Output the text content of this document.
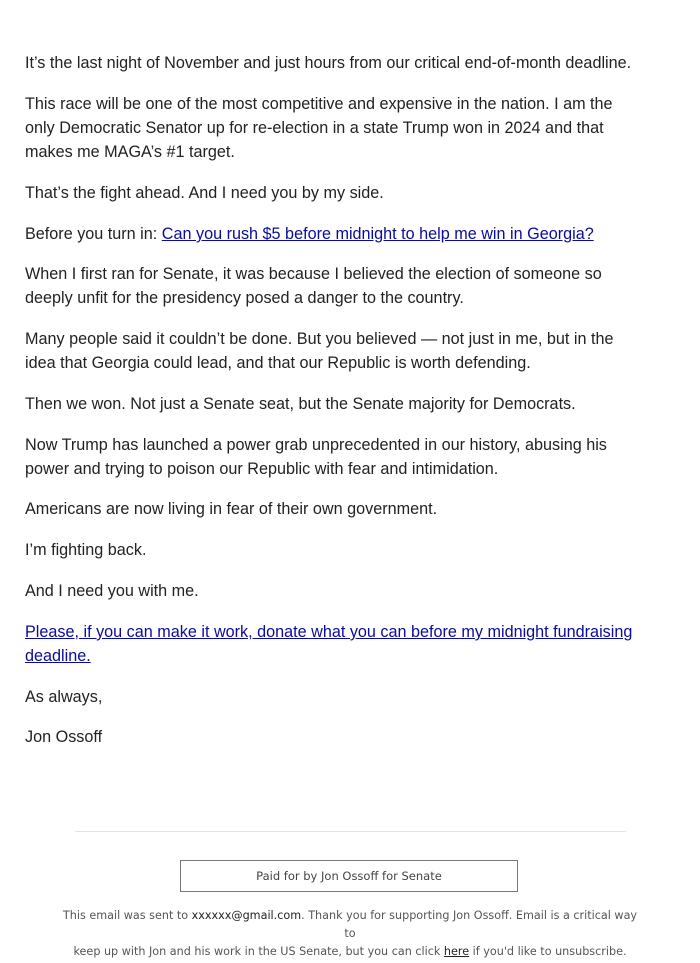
It’s the last night of November and just hours from our critical end-of-month deadline.
This race will be one of the most competitive and expensive in the nation. I am the
only Democratic Senator up for re-election in a state Trump won in 2024 and that
makes me MAGA’s #1 target.
That’s the fight ahead. And I need you by my side.
Before you turn in: Can you rush $5 before midnight to help me win in Georgia?
When I first ran for Senate, it was because I believed the election of someone so
deeply unfit for the presidency posed a danger to the country.
Many people said it couldn’t be done. But you believed — not just in me, but in the
idea that Georgia could lead, and that our Republic is worth defending.
Then we won. Not just a Senate seat, but the Senate majority for Democrats.
Now Trump has launched a power grab unprecedented in our history, abusing his
power and trying to poison our Republic with fear and intimidation.
Americans are now living in fear of their own government.
I’m fighting back.
And I need you with me.
Please, if you can make it work, donate what you can before my midnight fundraising
deadline.
As always,
Jon Ossoff
Paid for by Jon Ossoff for Senate
This email was sent to xxxxxx@gmail.com. Thank you for supporting Jon Ossoff. Email is a critical way to
keep up with Jon and his work in the US Senate, but you can click here if you'd like to unsubscribe.
